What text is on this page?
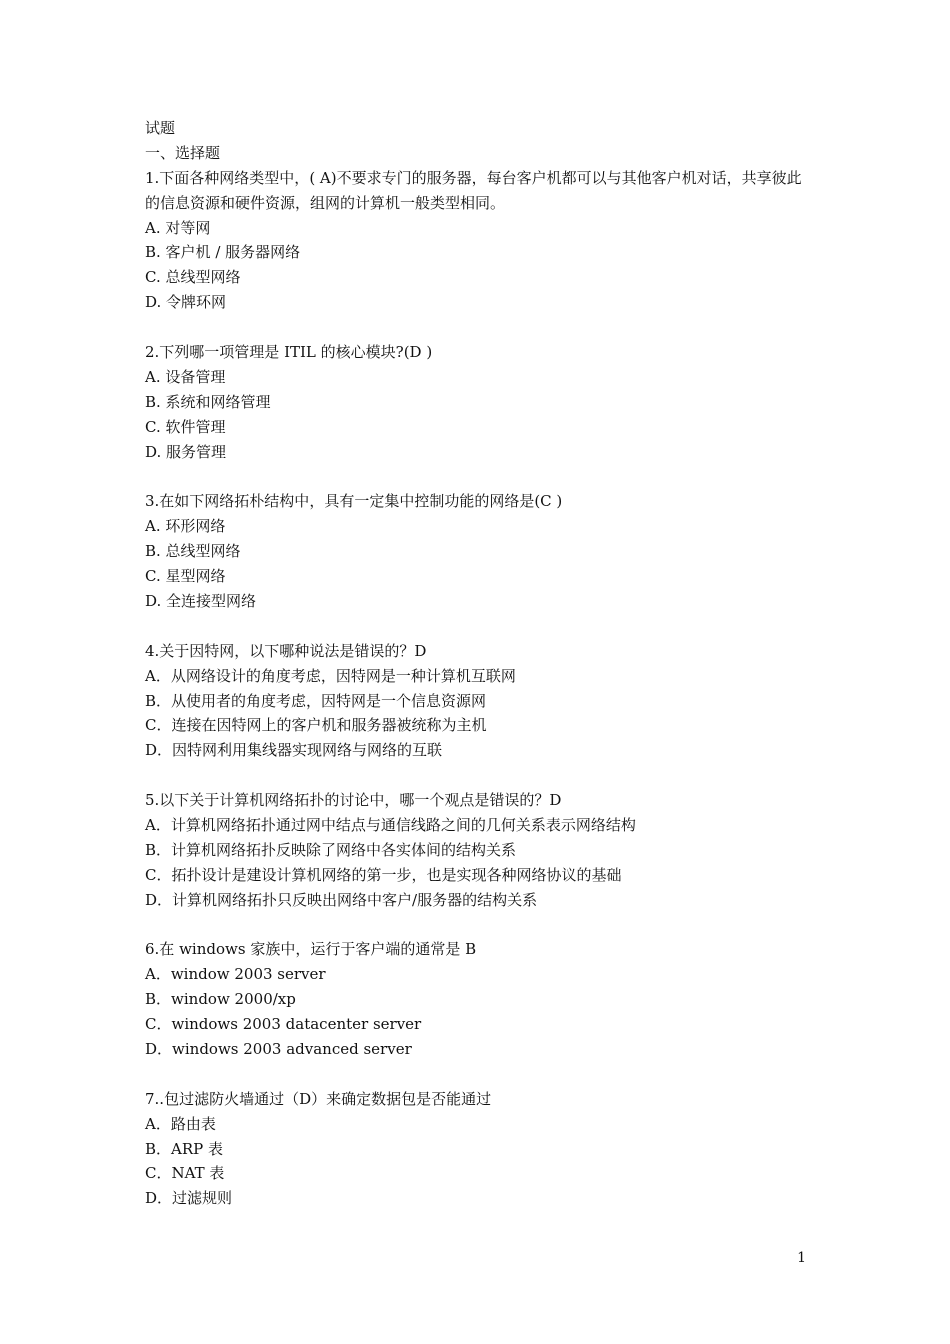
试题
一、选择题
1.下面各种网络类型中，( A)不要求专门的服务器，每台客户机都可以与其他客户机对话，共享彼此的信息资源和硬件资源，组网的计算机一般类型相同。
A. 对等网
B. 客户机 / 服务器网络
C. 总线型网络
D. 令牌环网
2.下列哪一项管理是 ITIL 的核心模块?(D )
A. 设备管理
B. 系统和网络管理
C. 软件管理
D. 服务管理
3.在如下网络拓朴结构中，具有一定集中控制功能的网络是(C )
A. 环形网络
B. 总线型网络
C. 星型网络
D. 全连接型网络
4.关于因特网，以下哪种说法是错误的？D
A．从网络设计的角度考虑，因特网是一种计算机互联网
B．从使用者的角度考虑，因特网是一个信息资源网
C．连接在因特网上的客户机和服务器被统称为主机
D．因特网利用集线器实现网络与网络的互联
5.以下关于计算机网络拓扑的讨论中，哪一个观点是错误的？D
A．计算机网络拓扑通过网中结点与通信线路之间的几何关系表示网络结构
B．计算机网络拓扑反映除了网络中各实体间的结构关系
C．拓扑设计是建设计算机网络的第一步，也是实现各种网络协议的基础
D．计算机网络拓扑只反映出网络中客户/服务器的结构关系
6.在 windows 家族中，运行于客户端的通常是 B
A．window 2003 server
B．window 2000/xp
C．windows 2003 datacenter server
D．windows 2003 advanced server
7..包过滤防火墙通过（D）来确定数据包是否能通过
A．路由表
B．ARP 表
C．NAT 表
D．过滤规则
1
